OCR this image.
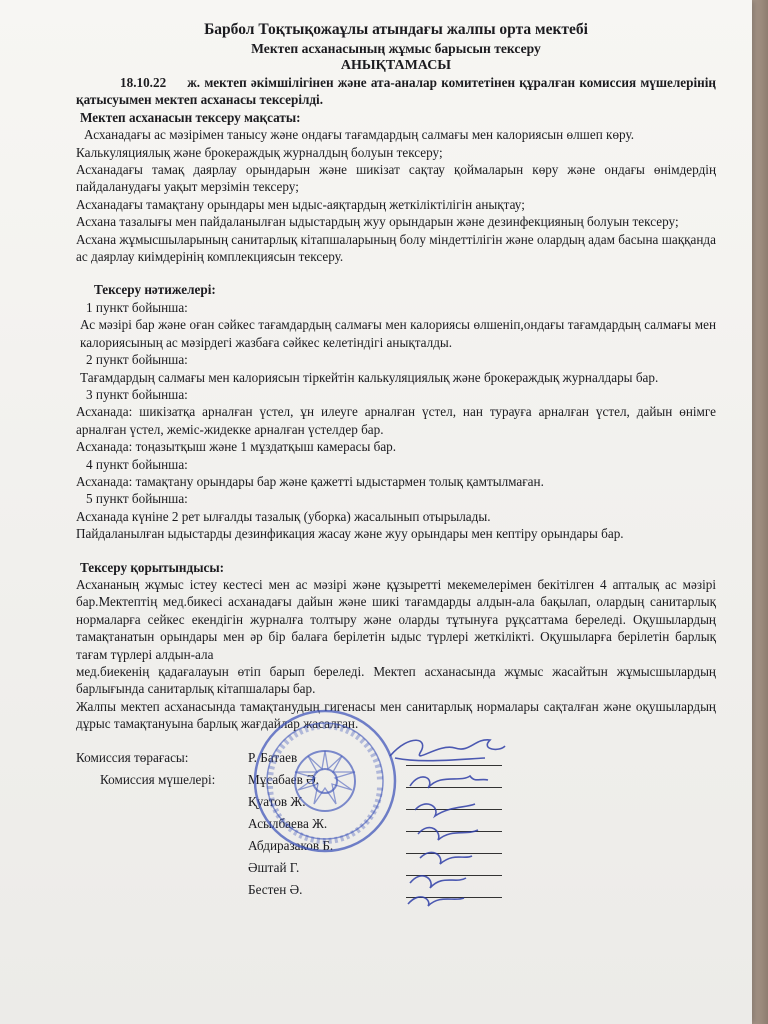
Барбол Тоқтықожаұлы атындағы жалпы орта мектебі

Мектеп асханасының жұмыс барысын тексеру

АНЫҚТАМАСЫ

18.10.22 ж. мектеп әкімшілігінен және ата-аналар комитетінен құралған комиссия мүшелерінің қатысуымен мектеп асханасы тексерілді.

Мектеп асханасын тексеру мақсаты:

Асханадағы ас мәзірімен танысу және ондағы тағамдардың салмағы мен калориясын өлшеп көру.

Калькуляциялық және брокераждық журналдың болуын тексеру;

Асханадағы тамақ даярлау орындарын және шикізат сақтау қоймаларын көру және ондағы өнімдердің пайдаланудағы уақыт мерзімін тексеру;

Асханадағы тамақтану орындары мен ыдыс-аяқтардың жеткіліктілігін анықтау;

Асхана тазалығы мен пайдаланылған ыдыстардың жуу орындарын және дезинфекцияның болуын тексеру;

Асхана жұмысшыларының санитарлық кітапшаларының болу міндеттілігін және олардың адам басына шаққанда ас даярлау киімдерінің комплекциясын тексеру.

Тексеру нәтижелері:

1 пункт бойынша:

Ас мәзірі бар және оған сәйкес тағамдардың салмағы мен калориясы өлшеніп,ондағы тағамдардың салмағы мен калориясының ас мәзірдегі жазбаға сәйкес келетіндігі анықталды.

2 пункт бойынша:

Тағамдардың салмағы мен калориясын тіркейтін калькуляциялық және брокераждық журналдары бар.

3 пункт бойынша:

Асханада: шикізатқа арналған үстел, ұн илеуге арналған үстел, нан турауға арналған үстел, дайын өнімге арналған үстел, жеміс-жидекке арналған үстелдер бар.

Асханада: тоңазытқыш және 1 мұздатқыш камерасы бар.

4 пункт бойынша:

Асханада: тамақтану орындары бар және қажетті ыдыстармен толық қамтылмаған.

5 пункт бойынша:

Асханада күніне 2 рет ылғалды тазалық (уборка) жасалынып отырылады.

Пайдаланылған ыдыстарды дезинфикация жасау және жуу орындары мен кептіру орындары бар.

Тексеру қорытындысы:

Асхананың жұмыс істеу кестесі мен ас мәзірі және құзыретті мекемелерімен бекітілген 4 апталық ас мәзірі бар.Мектептің мед.бикесі асханадағы дайын және шикі тағамдарды алдын-ала бақылап, олардың санитарлық нормаларға сейкес екендігін журналға толтыру және оларды тұтынуға рұқсаттама береледі. Оқушылардың тамақтанатын орындары мен әр бір балаға берілетін ыдыс түрлері жеткілікті. Оқушыларға берілетін барлық тағам түрлері алдын-ала

мед.биекенің қадағалауын өтіп барып береледі. Мектеп асханасында жұмыс жасайтын жұмысшылардың барлығында санитарлық кітапшалары бар.

Жалпы мектеп асханасында тамақтанудың гигенасы мен санитарлық нормалары сақталған және оқушылардың дұрыс тамақтануына барлық жағдайлар жасалған.

Комиссия төрағасы:	Р. Батаев
Комиссия мүшелері:	Мұсабаев Ә.
Қуатов Ж.
Асылбаева Ж.
Абдиразаков Б.
Әштай Г.
Бестен Ә.
